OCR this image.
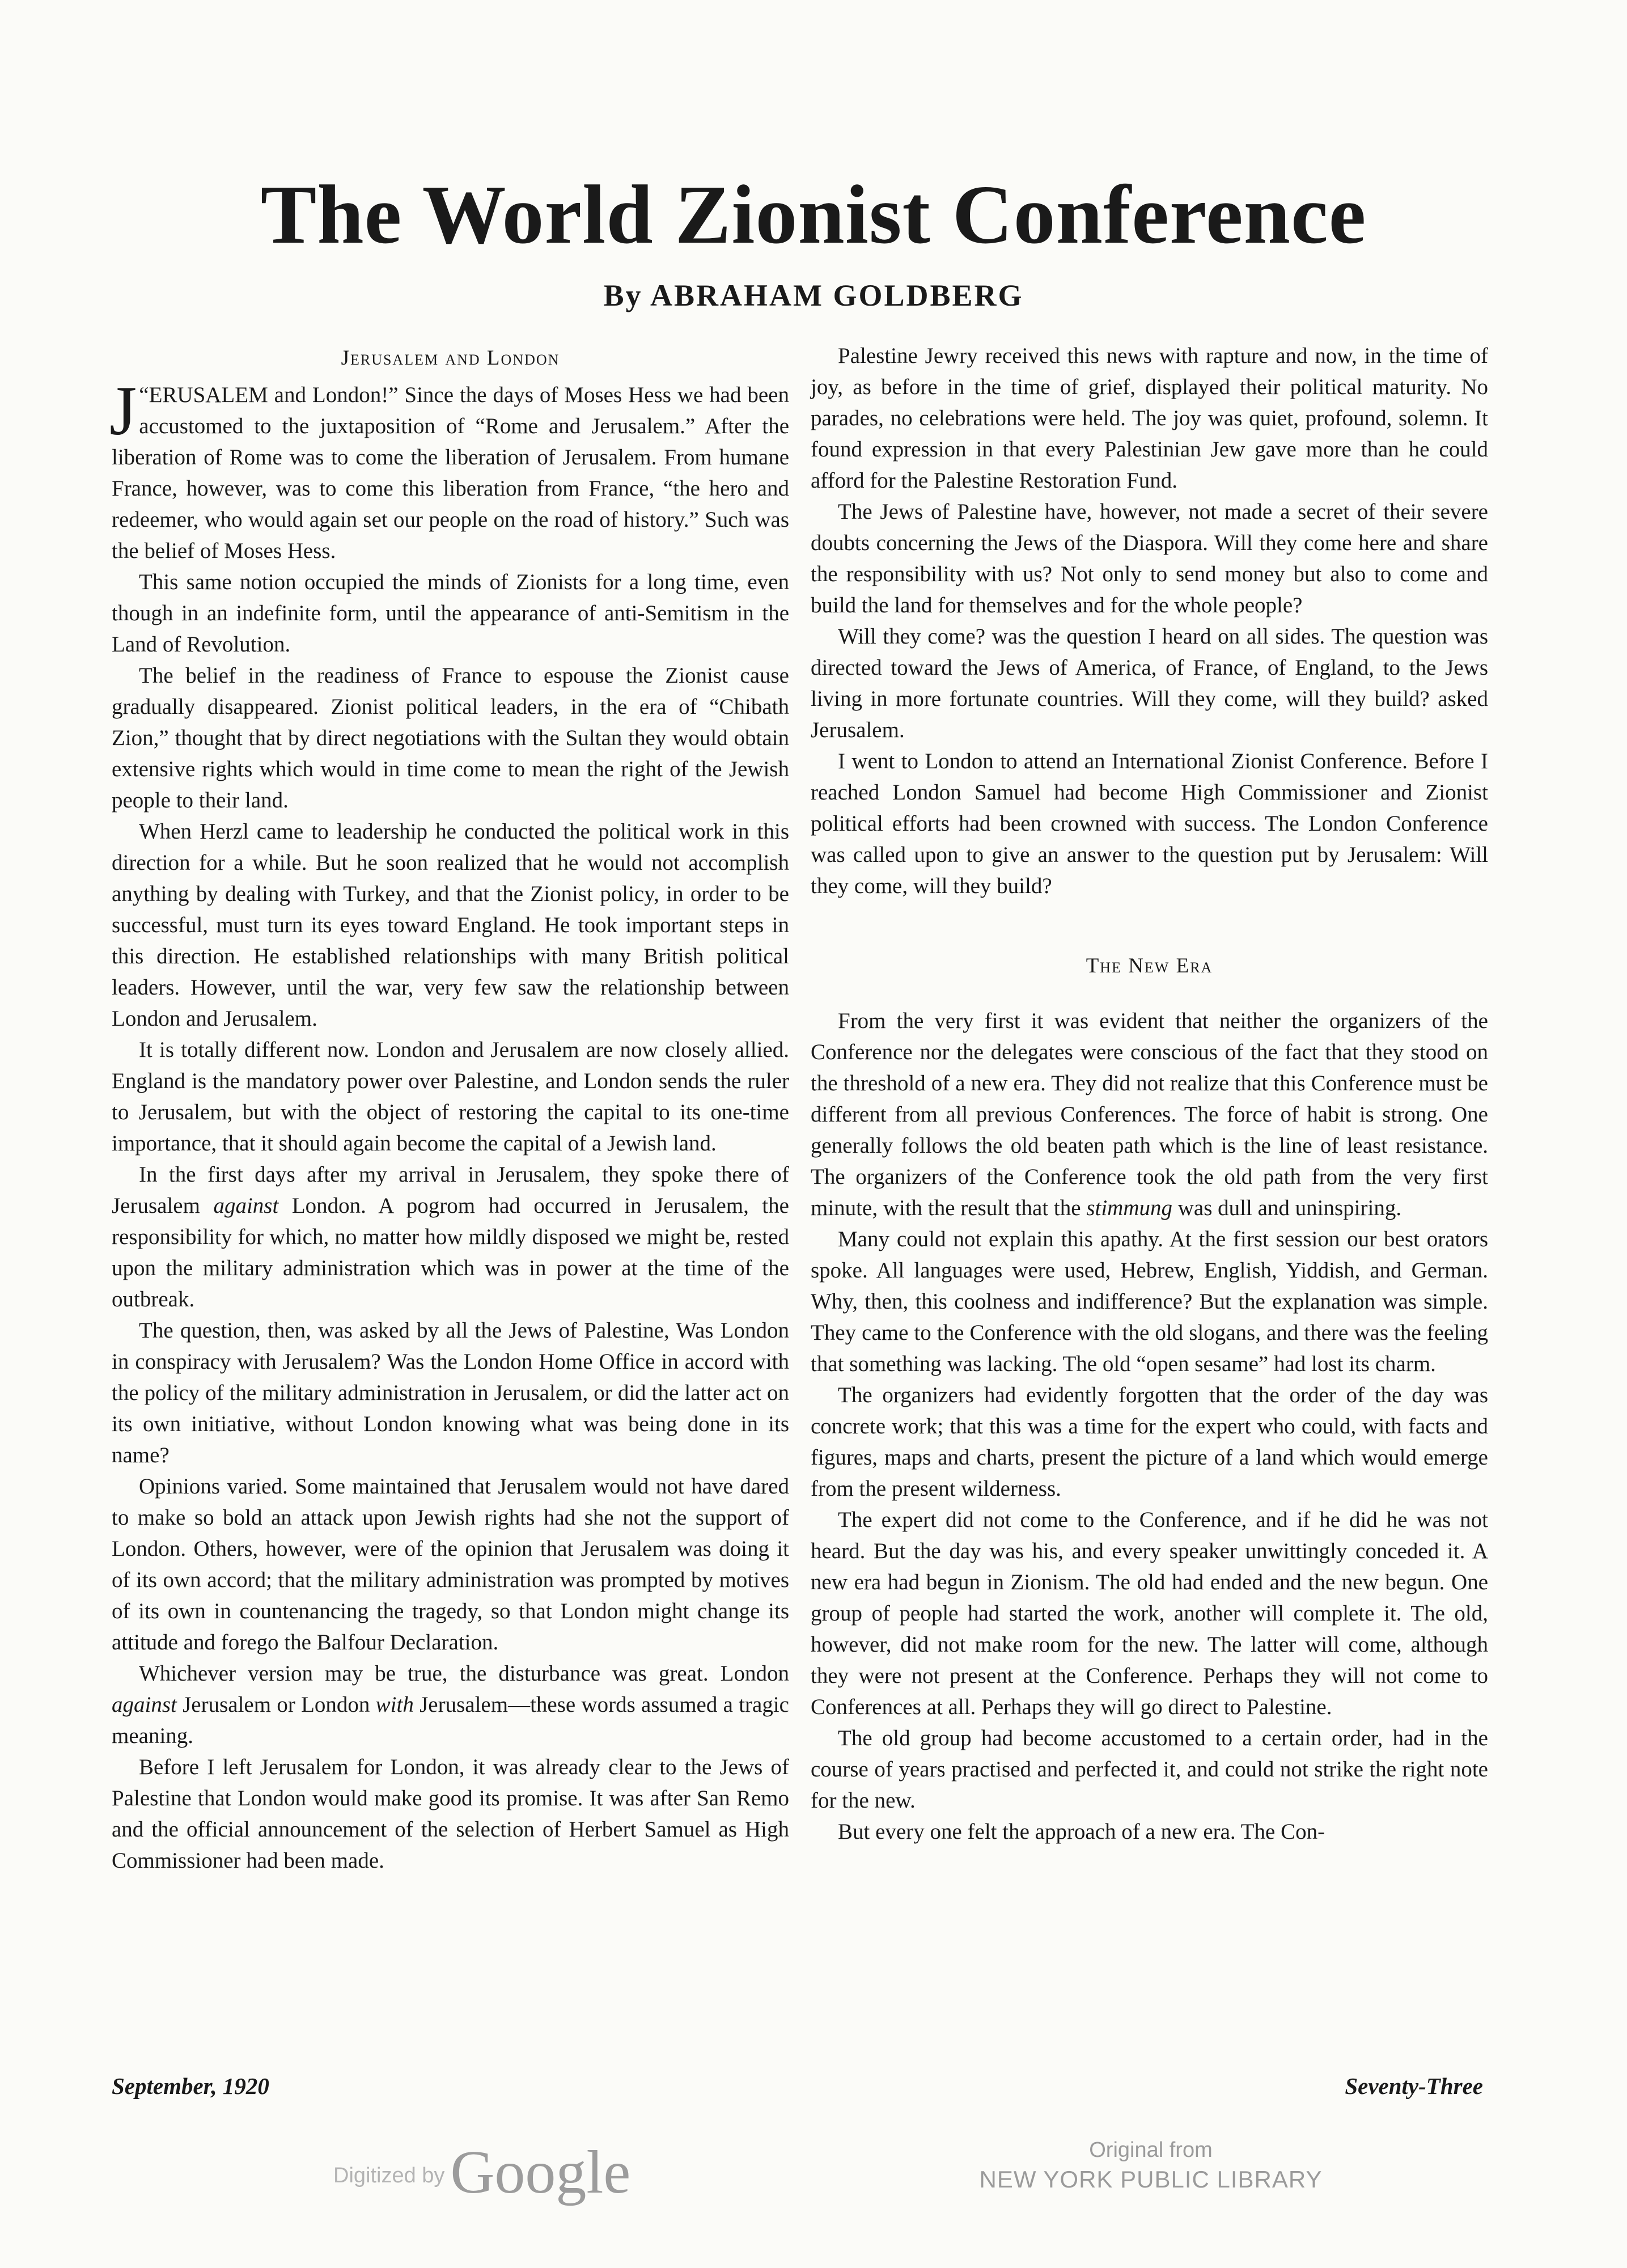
The World Zionist Conference
By ABRAHAM GOLDBERG
Jerusalem and London

“
J ERUSALEM and London!” Since the days of Moses Hess we had been accustomed to the juxtaposition of “Rome and Jerusalem.” After the liberation of Rome was to come the liberation of Jerusalem. From humane France, however, was to come this liberation from France, “the hero and redeemer, who would again set our people on the road of history.” Such was the belief of Moses Hess.

This same notion occupied the minds of Zionists for a long time, even though in an indefinite form, until the appearance of anti-Semitism in the Land of Revolution.

The belief in the readiness of France to espouse the Zionist cause gradually disappeared. Zionist political leaders, in the era of “Chibath Zion,” thought that by direct negotiations with the Sultan they would obtain extensive rights which would in time come to mean the right of the Jewish people to their land.

When Herzl came to leadership he conducted the political work in this direction for a while. But he soon realized that he would not accomplish anything by dealing with Turkey, and that the Zionist policy, in order to be successful, must turn its eyes toward England. He took important steps in this direction. He established relationships with many British political leaders. However, until the war, very few saw the relationship between London and Jerusalem.

It is totally different now. London and Jerusalem are now closely allied. England is the mandatory power over Palestine, and London sends the ruler to Jerusalem, but with the object of restoring the capital to its one-time importance, that it should again become the capital of a Jewish land.

In the first days after my arrival in Jerusalem, they spoke there of Jerusalem against London. A pogrom had occurred in Jerusalem, the responsibility for which, no matter how mildly disposed we might be, rested upon the military administration which was in power at the time of the outbreak.

The question, then, was asked by all the Jews of Palestine, Was London in conspiracy with Jerusalem? Was the London Home Office in accord with the policy of the military administration in Jerusalem, or did the latter act on its own initiative, without London knowing what was being done in its name?

Opinions varied. Some maintained that Jerusalem would not have dared to make so bold an attack upon Jewish rights had she not the support of London. Others, however, were of the opinion that Jerusalem was doing it of its own accord; that the military administration was prompted by motives of its own in countenancing the tragedy, so that London might change its attitude and forego the Balfour Declaration.

Whichever version may be true, the disturbance was great. London against Jerusalem or London with Jerusalem—these words assumed a tragic meaning.

Before I left Jerusalem for London, it was already clear to the Jews of Palestine that London would make good its promise. It was after San Remo and the official announcement of the selection of Herbert Samuel as High Commissioner had been made.

Palestine Jewry received this news with rapture and now, in the time of joy, as before in the time of grief, displayed their political maturity. No parades, no celebrations were held. The joy was quiet, profound, solemn. It found expression in that every Palestinian Jew gave more than he could afford for the Palestine Restoration Fund.

The Jews of Palestine have, however, not made a secret of their severe doubts concerning the Jews of the Diaspora. Will they come here and share the responsibility with us? Not only to send money but also to come and build the land for themselves and for the whole people?

Will they come? was the question I heard on all sides. The question was directed toward the Jews of America, of France, of England, to the Jews living in more fortunate countries. Will they come, will they build? asked Jerusalem.

I went to London to attend an International Zionist Conference. Before I reached London Samuel had become High Commissioner and Zionist political efforts had been crowned with success. The London Conference was called upon to give an answer to the question put by Jerusalem: Will they come, will they build?

The New Era

From the very first it was evident that neither the organizers of the Conference nor the delegates were conscious of the fact that they stood on the threshold of a new era. They did not realize that this Conference must be different from all previous Conferences. The force of habit is strong. One generally follows the old beaten path which is the line of least resistance. The organizers of the Conference took the old path from the very first minute, with the result that the stimmung was dull and uninspiring.

Many could not explain this apathy. At the first session our best orators spoke. All languages were used, Hebrew, English, Yiddish, and German. Why, then, this coolness and indifference? But the explanation was simple. They came to the Conference with the old slogans, and there was the feeling that something was lacking. The old “open sesame” had lost its charm.

The organizers had evidently forgotten that the order of the day was concrete work; that this was a time for the expert who could, with facts and figures, maps and charts, present the picture of a land which would emerge from the present wilderness.

The expert did not come to the Conference, and if he did he was not heard. But the day was his, and every speaker unwittingly conceded it. A new era had begun in Zionism. The old had ended and the new begun. One group of people had started the work, another will complete it. The old, however, did not make room for the new. The latter will come, although they were not present at the Conference. Perhaps they will not come to Conferences at all. Perhaps they will go direct to Palestine.

The old group had become accustomed to a certain order, had in the course of years practised and perfected it, and could not strike the right note for the new.

But every one felt the approach of a new era. The Con-

September, 1920	Seventy-Three
Digitized byGoogle	Original from
NEW YORK PUBLIC LIBRARY
